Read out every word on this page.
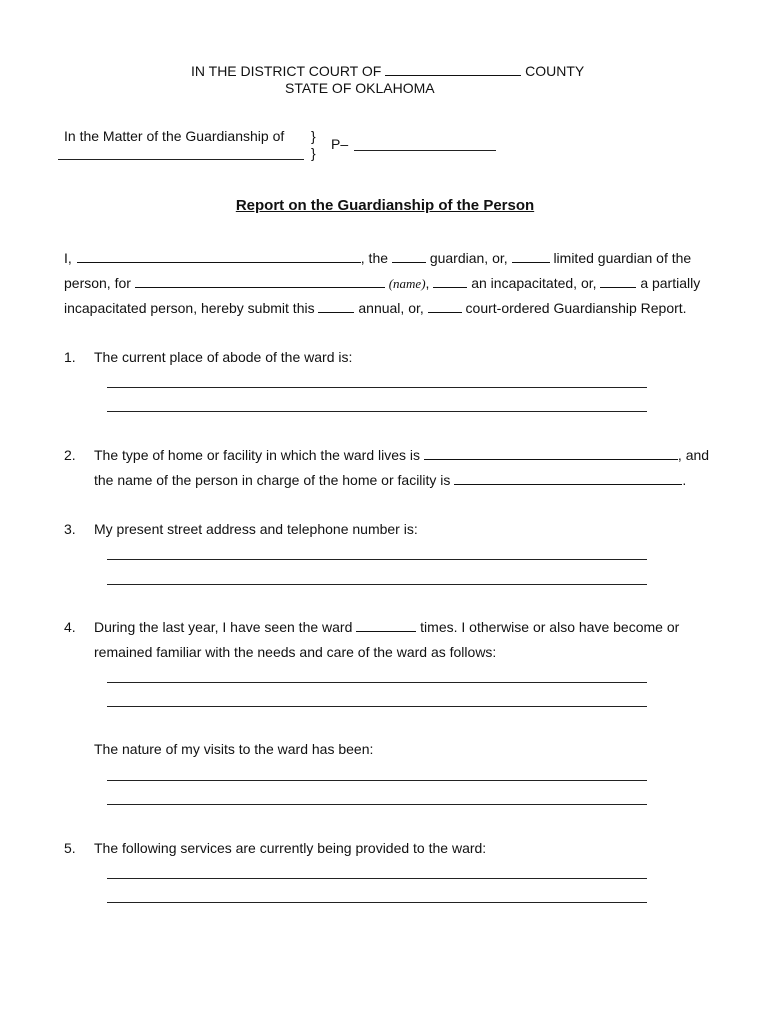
IN THE DISTRICT COURT OF	COUNTY
STATE OF OKLAHOMA
In the Matter of the Guardianship of }
}
P–
Report on the Guardianship of the Person
I,	, the	guardian, or,	limited guardian of the
person, for	(name),	an incapacitated, or,	a partially
incapacitated person, hereby submit this	annual, or,	court-ordered Guardianship Report.
1. The current place of abode of the ward is:
2. The type of home or facility in which the ward lives is	, and
the name of the person in charge of the home or facility is	.
3. My present street address and telephone number is:
4. During the last year, I have seen the ward	times. I otherwise or also have become or
remained familiar with the needs and care of the ward as follows:
The nature of my visits to the ward has been:
5. The following services are currently being provided to the ward:
